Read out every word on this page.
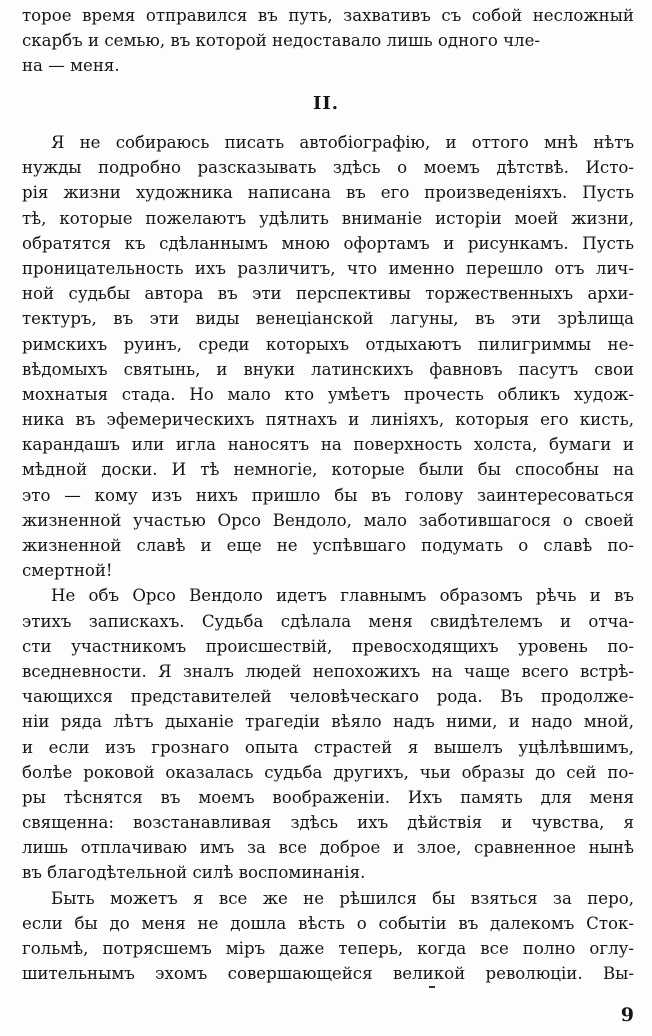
торое время отправился въ путь, захвативъ съ собой несложный скарбъ и семью, въ которой недоставало лишь одного чле-
на — меня.
II.
Я не собираюсь писать автобіографію, и оттого мнѣ нѣтъ
нужды подробно разсказывать здѣсь о моемъ дѣтствѣ. Исто-
рія жизни художника написана въ его произведеніяхъ. Пусть
тѣ, которые пожелаютъ удѣлить вниманіе исторіи моей жизни,
обратятся къ сдѣланнымъ мною офортамъ и рисункамъ. Пусть
проницательность ихъ различитъ, что именно перешло отъ лич-
ной судьбы автора въ эти перспективы торжественныхъ архи-
тектуръ, въ эти виды венеціанской лагуны, въ эти зрѣлища
римскихъ руинъ, среди которыхъ отдыхаютъ пилигриммы не-
вѣдомыхъ святынь, и внуки латинскихъ фавновъ пасутъ свои
мохнатыя стада. Но мало кто умѣетъ прочесть обликъ худож-
ника въ эфемерическихъ пятнахъ и линіяхъ, которыя его кисть,
карандашъ или игла наносятъ на поверхность холста, бумаги и
мѣдной доски. И тѣ немногіе, которые были бы способны на
это — кому изъ нихъ пришло бы въ голову заинтересоваться
жизненной участью Орсо Вендоло, мало заботившагося о своей
жизненной славѣ и еще не успѣвшаго подумать о славѣ по-
смертной!
Не объ Орсо Вендоло идетъ главнымъ образомъ рѣчь и въ
этихъ запискахъ. Судьба сдѣлала меня свидѣтелемъ и отча-
сти участникомъ происшествій, превосходящихъ уровень по-
вседневности. Я зналъ людей непохожихъ на чаще всего встрѣ-
чающихся представителей человѣческаго рода. Въ продолже-
ніи ряда лѣтъ дыханіе трагедіи вѣяло надъ ними, и надо мной,
и если изъ грознаго опыта страстей я вышелъ уцѣлѣвшимъ,
болѣе роковой оказалась судьба другихъ, чьи образы до сей по-
ры тѣснятся въ моемъ воображеніи. Ихъ память для меня
священна: возстанавливая здѣсь ихъ дѣйствія и чувства, я
лишь отплачиваю имъ за все доброе и злое, сравненное нынѣ
въ благодѣтельной силѣ воспоминанія.
Быть можетъ я все же не рѣшился бы взяться за перо,
если бы до меня не дошла вѣсть о событіи въ далекомъ Сток-
гольмѣ, потрясшемъ міръ даже теперь, когда все полно оглу-
шительнымъ эхомъ совершающейся великой революціи. Вы-
9
